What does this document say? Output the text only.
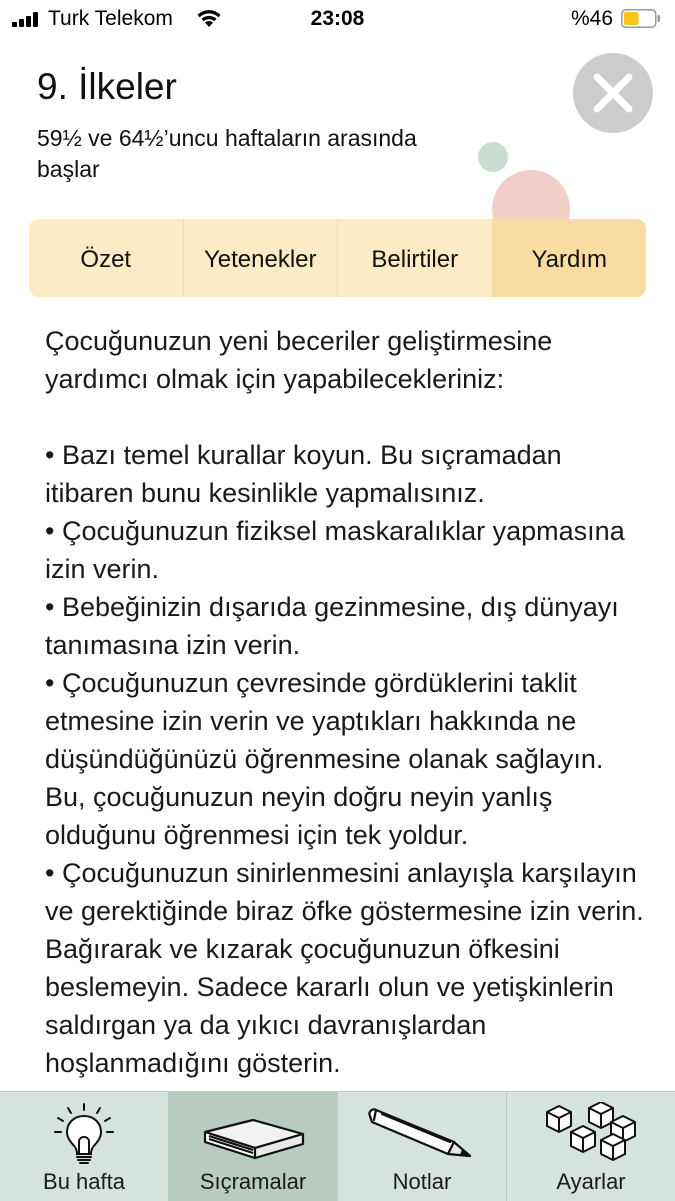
Turk Telekom	23:08	%46
9. İlkeler
59½ ve 64½’uncu haftaların arasında başlar
Özet	Yetenekler	Belirtiler	Yardım

Çocuğunuzun yeni beceriler geliştirmesine yardımcı olmak için yapabilecekleriniz:

• Bazı temel kurallar koyun. Bu sıçramadan itibaren bunu kesinlikle yapmalısınız.

• Çocuğunuzun fiziksel maskaralıklar yapmasına izin verin.

• Bebeğinizin dışarıda gezinmesine, dış dünyayı tanımasına izin verin.

• Çocuğunuzun çevresinde gördüklerini taklit etmesine izin verin ve yaptıkları hakkında ne düşündüğünüzü öğrenmesine olanak sağlayın. Bu, çocuğunuzun neyin doğru neyin yanlış olduğunu öğrenmesi için tek yoldur.

• Çocuğunuzun sinirlenmesini anlayışla karşılayın ve gerektiğinde biraz öfke göstermesine izin verin. Bağırarak ve kızarak çocuğunuzun öfkesini beslemeyin. Sadece kararlı olun ve yetişkinlerin saldırgan ya da yıkıcı davranışlardan hoşlanmadığını gösterin.

Bu hafta	Sıçramalar	Notlar	Ayarlar
